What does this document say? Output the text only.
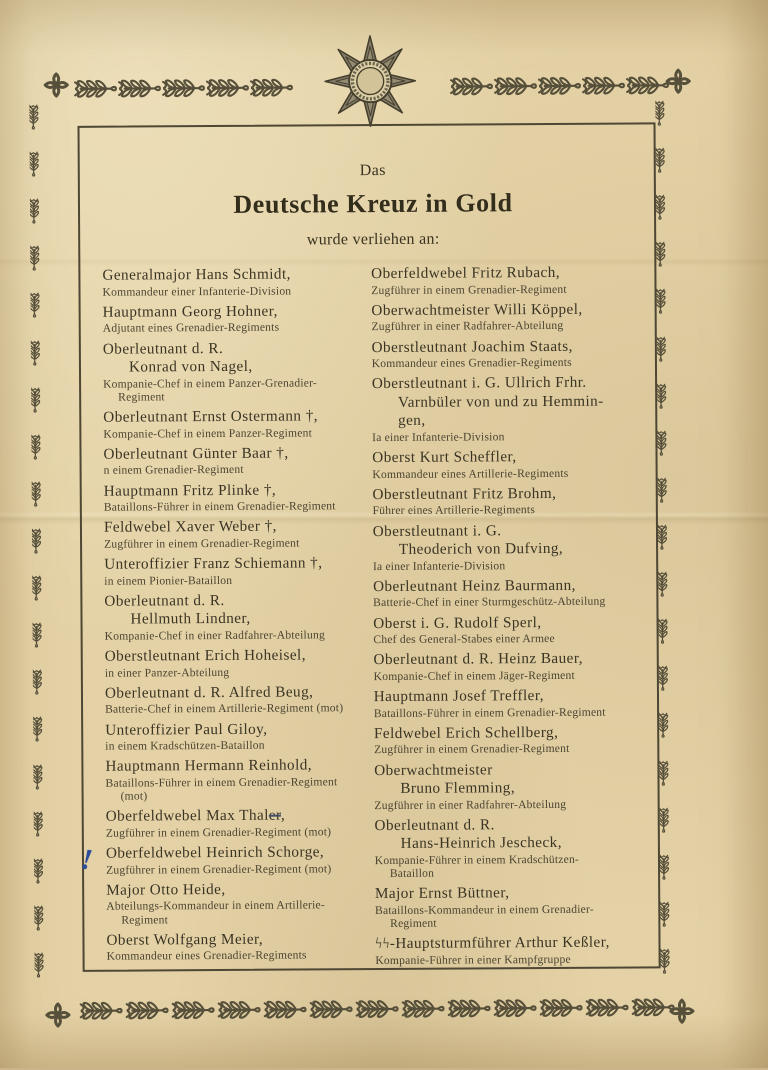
Das
Deutsche Kreuz in Gold
wurde verliehen an:
Generalmajor Hans Schmidt,
Kommandeur einer Infanterie-Division
Hauptmann Georg Hohner,
Adjutant eines Grenadier-Regiments
Oberleutnant d. R.
Konrad von Nagel,
Kompanie-Chef in einem Panzer-Grenadier-
Regiment
Oberleutnant Ernst Ostermann †,
Kompanie-Chef in einem Panzer-Regiment
Oberleutnant Günter Baar †,
n einem Grenadier-Regiment
Hauptmann Fritz Plinke †,
Bataillons-Führer in einem Grenadier-Regiment
Feldwebel Xaver Weber †,
Zugführer in einem Grenadier-Regiment
Unteroffizier Franz Schiemann †,
in einem Pionier-Bataillon
Oberleutnant d. R.
Hellmuth Lindner,
Kompanie-Chef in einer Radfahrer-Abteilung
Oberstleutnant Erich Hoheisel,
in einer Panzer-Abteilung
Oberleutnant d. R. Alfred Beug,
Batterie-Chef in einem Artillerie-Regiment (mot)
Unteroffizier Paul Giloy,
in einem Kradschützen-Bataillon
Hauptmann Hermann Reinhold,
Bataillons-Führer in einem Grenadier-Regiment
(mot)
Oberfeldwebel Max Thaler,
Zugführer in einem Grenadier-Regiment (mot)
Oberfeldwebel Heinrich Schorge,
Zugführer in einem Grenadier-Regiment (mot)
!
Major Otto Heide,
Abteilungs-Kommandeur in einem Artillerie-
Regiment
Oberst Wolfgang Meier,
Kommandeur eines Grenadier-Regiments
Oberfeldwebel Fritz Rubach,
Zugführer in einem Grenadier-Regiment
Oberwachtmeister Willi Köppel,
Zugführer in einer Radfahrer-Abteilung
Oberstleutnant Joachim Staats,
Kommandeur eines Grenadier-Regiments
Oberstleutnant i. G. Ullrich Frhr.
Varnbüler von und zu Hemmin-
gen,
Ia einer Infanterie-Division
Oberst Kurt Scheffler,
Kommandeur eines Artillerie-Regiments
Oberstleutnant Fritz Brohm,
Führer eines Artillerie-Regiments
Oberstleutnant i. G.
Theoderich von Dufving,
Ia einer Infanterie-Division
Oberleutnant Heinz Baurmann,
Batterie-Chef in einer Sturmgeschütz-Abteilung
Oberst i. G. Rudolf Sperl,
Chef des General-Stabes einer Armee
Oberleutnant d. R. Heinz Bauer,
Kompanie-Chef in einem Jäger-Regiment
Hauptmann Josef Treffler,
Bataillons-Führer in einem Grenadier-Regiment
Feldwebel Erich Schellberg,
Zugführer in einem Grenadier-Regiment
Oberwachtmeister
Bruno Flemming,
Zugführer in einer Radfahrer-Abteilung
Oberleutnant d. R.
Hans-Heinrich Jescheck,
Kompanie-Führer in einem Kradschützen-
Bataillon
Major Ernst Büttner,
Bataillons-Kommandeur in einem Grenadier-
Regiment
ϟϟ-Hauptsturmführer Arthur Keßler,
Kompanie-Führer in einer Kampfgruppe
